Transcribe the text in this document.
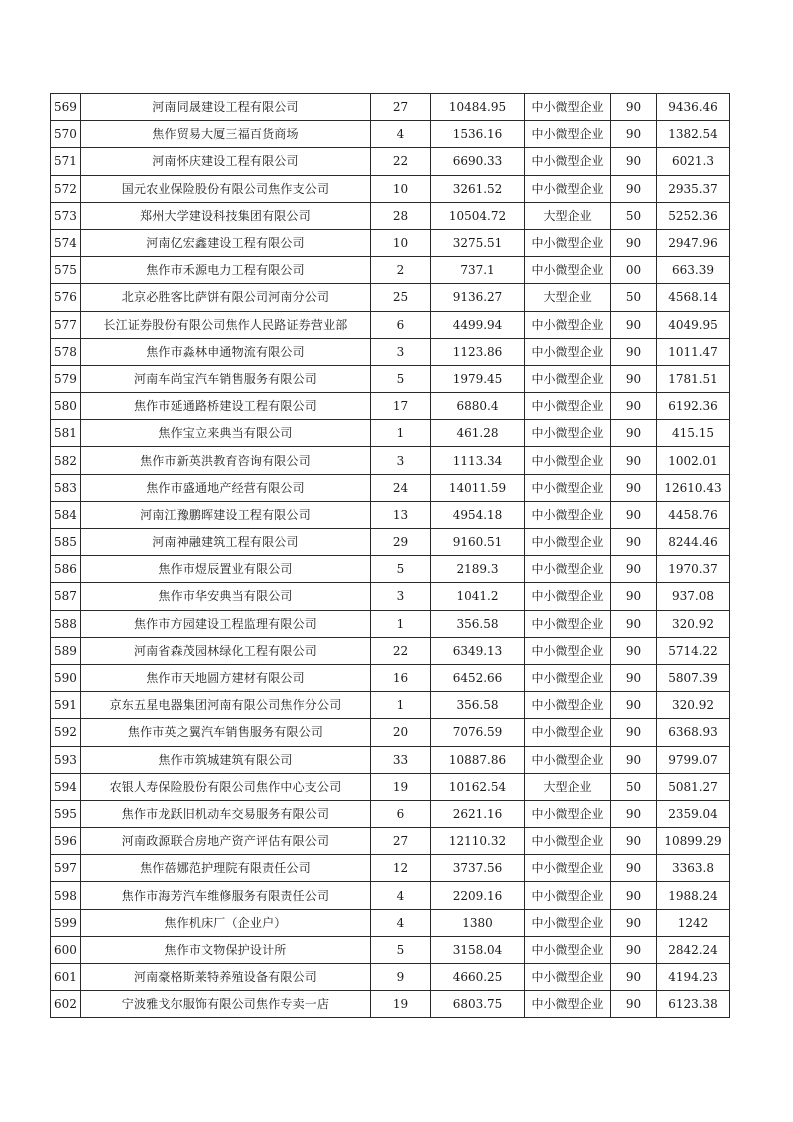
569	河南同晟建设工程有限公司	27	10484.95	中小微型企业	90	9436.46
570	焦作贸易大厦三福百货商场	4	1536.16	中小微型企业	90	1382.54
571	河南怀庆建设工程有限公司	22	6690.33	中小微型企业	90	6021.3
572	国元农业保险股份有限公司焦作支公司	10	3261.52	中小微型企业	90	2935.37
573	郑州大学建设科技集团有限公司	28	10504.72	大型企业	50	5252.36
574	河南亿宏鑫建设工程有限公司	10	3275.51	中小微型企业	90	2947.96
575	焦作市禾源电力工程有限公司	2	737.1	中小微型企业	00	663.39
576	北京必胜客比萨饼有限公司河南分公司	25	9136.27	大型企业	50	4568.14
577	长江证券股份有限公司焦作人民路证券营业部	6	4499.94	中小微型企业	90	4049.95
578	焦作市淼林申通物流有限公司	3	1123.86	中小微型企业	90	1011.47
579	河南车尚宝汽车销售服务有限公司	5	1979.45	中小微型企业	90	1781.51
580	焦作市延通路桥建设工程有限公司	17	6880.4	中小微型企业	90	6192.36
581	焦作宝立来典当有限公司	1	461.28	中小微型企业	90	415.15
582	焦作市新英洪教育咨询有限公司	3	1113.34	中小微型企业	90	1002.01
583	焦作市盛通地产经营有限公司	24	14011.59	中小微型企业	90	12610.43
584	河南江豫鹏晖建设工程有限公司	13	4954.18	中小微型企业	90	4458.76
585	河南神融建筑工程有限公司	29	9160.51	中小微型企业	90	8244.46
586	焦作市煜辰置业有限公司	5	2189.3	中小微型企业	90	1970.37
587	焦作市华安典当有限公司	3	1041.2	中小微型企业	90	937.08
588	焦作市方园建设工程监理有限公司	1	356.58	中小微型企业	90	320.92
589	河南省森茂园林绿化工程有限公司	22	6349.13	中小微型企业	90	5714.22
590	焦作市天地圆方建材有限公司	16	6452.66	中小微型企业	90	5807.39
591	京东五星电器集团河南有限公司焦作分公司	1	356.58	中小微型企业	90	320.92
592	焦作市英之翼汽车销售服务有限公司	20	7076.59	中小微型企业	90	6368.93
593	焦作市筑城建筑有限公司	33	10887.86	中小微型企业	90	9799.07
594	农银人寿保险股份有限公司焦作中心支公司	19	10162.54	大型企业	50	5081.27
595	焦作市龙跃旧机动车交易服务有限公司	6	2621.16	中小微型企业	90	2359.04
596	河南政源联合房地产资产评估有限公司	27	12110.32	中小微型企业	90	10899.29
597	焦作蓓娜范护理院有限责任公司	12	3737.56	中小微型企业	90	3363.8
598	焦作市海芳汽车维修服务有限责任公司	4	2209.16	中小微型企业	90	1988.24
599	焦作机床厂（企业户）	4	1380	中小微型企业	90	1242
600	焦作市文物保护设计所	5	3158.04	中小微型企业	90	2842.24
601	河南豪格斯莱特养殖设备有限公司	9	4660.25	中小微型企业	90	4194.23
602	宁波雅戈尔服饰有限公司焦作专卖一店	19	6803.75	中小微型企业	90	6123.38
